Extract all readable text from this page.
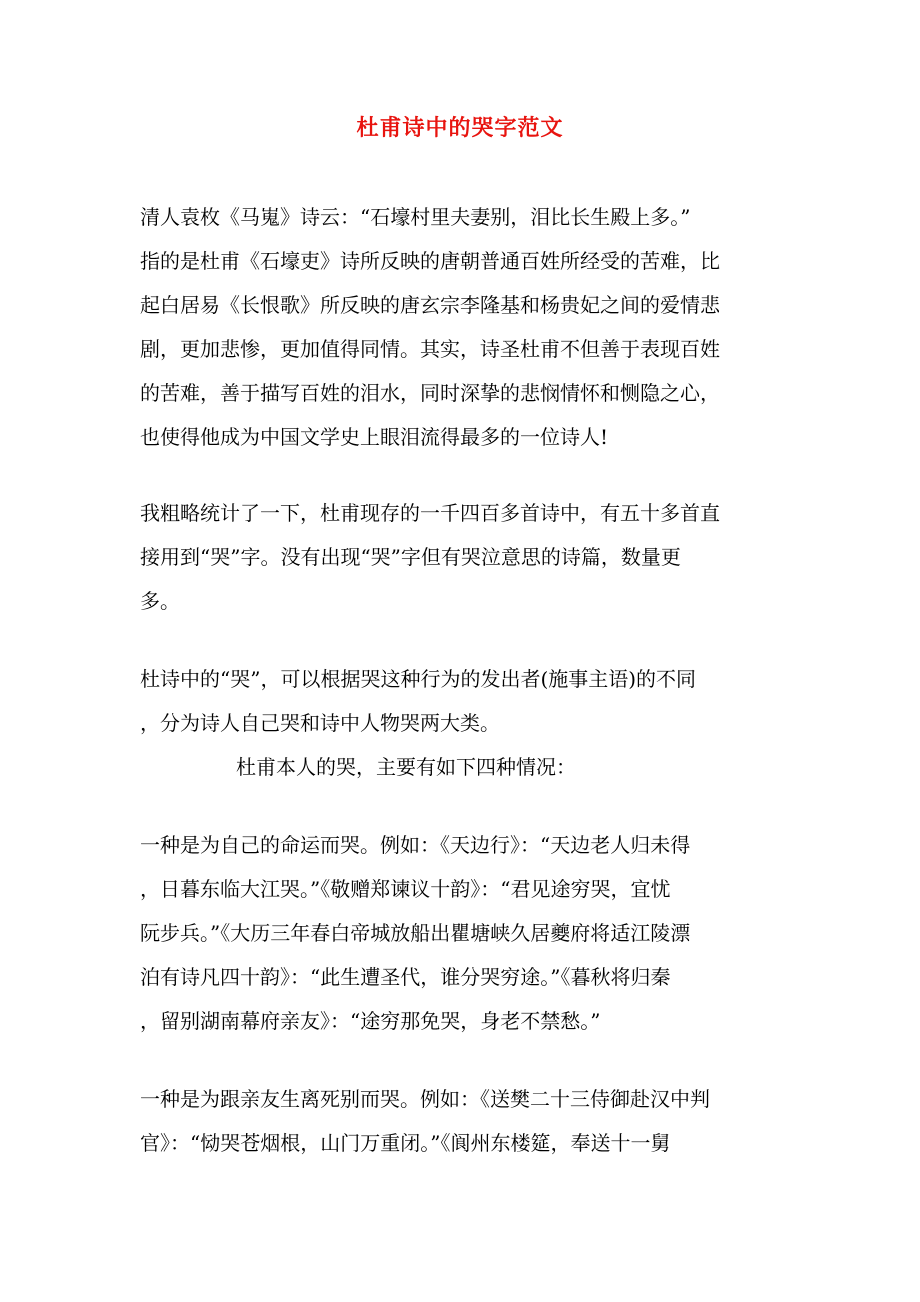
杜甫诗中的哭字范文
清人袁枚《马嵬》诗云：“石壕村里夫妻别，泪比长生殿上多。”
指的是杜甫《石壕吏》诗所反映的唐朝普通百姓所经受的苦难，比
起白居易《长恨歌》所反映的唐玄宗李隆基和杨贵妃之间的爱情悲
剧，更加悲惨，更加值得同情。其实，诗圣杜甫不但善于表现百姓
的苦难，善于描写百姓的泪水，同时深挚的悲悯情怀和恻隐之心，
也使得他成为中国文学史上眼泪流得最多的一位诗人!
我粗略统计了一下，杜甫现存的一千四百多首诗中，有五十多首直
接用到“哭”字。没有出现“哭”字但有哭泣意思的诗篇，数量更
多。
杜诗中的“哭”，可以根据哭这种行为的发出者(施事主语)的不同
，分为诗人自己哭和诗中人物哭两大类。
杜甫本人的哭，主要有如下四种情况：
一种是为自己的命运而哭。例如：《天边行》：“天边老人归未得
，日暮东临大江哭。”《敬赠郑谏议十韵》：“君见途穷哭，宜忧
阮步兵。”《大历三年春白帝城放船出瞿塘峡久居夔府将适江陵漂
泊有诗凡四十韵》：“此生遭圣代，谁分哭穷途。”《暮秋将归秦
，留别湖南幕府亲友》：“途穷那免哭，身老不禁愁。”
一种是为跟亲友生离死别而哭。例如：《送樊二十三侍御赴汉中判
官》：“恸哭苍烟根，山门万重闭。”《阆州东楼筵，奉送十一舅
